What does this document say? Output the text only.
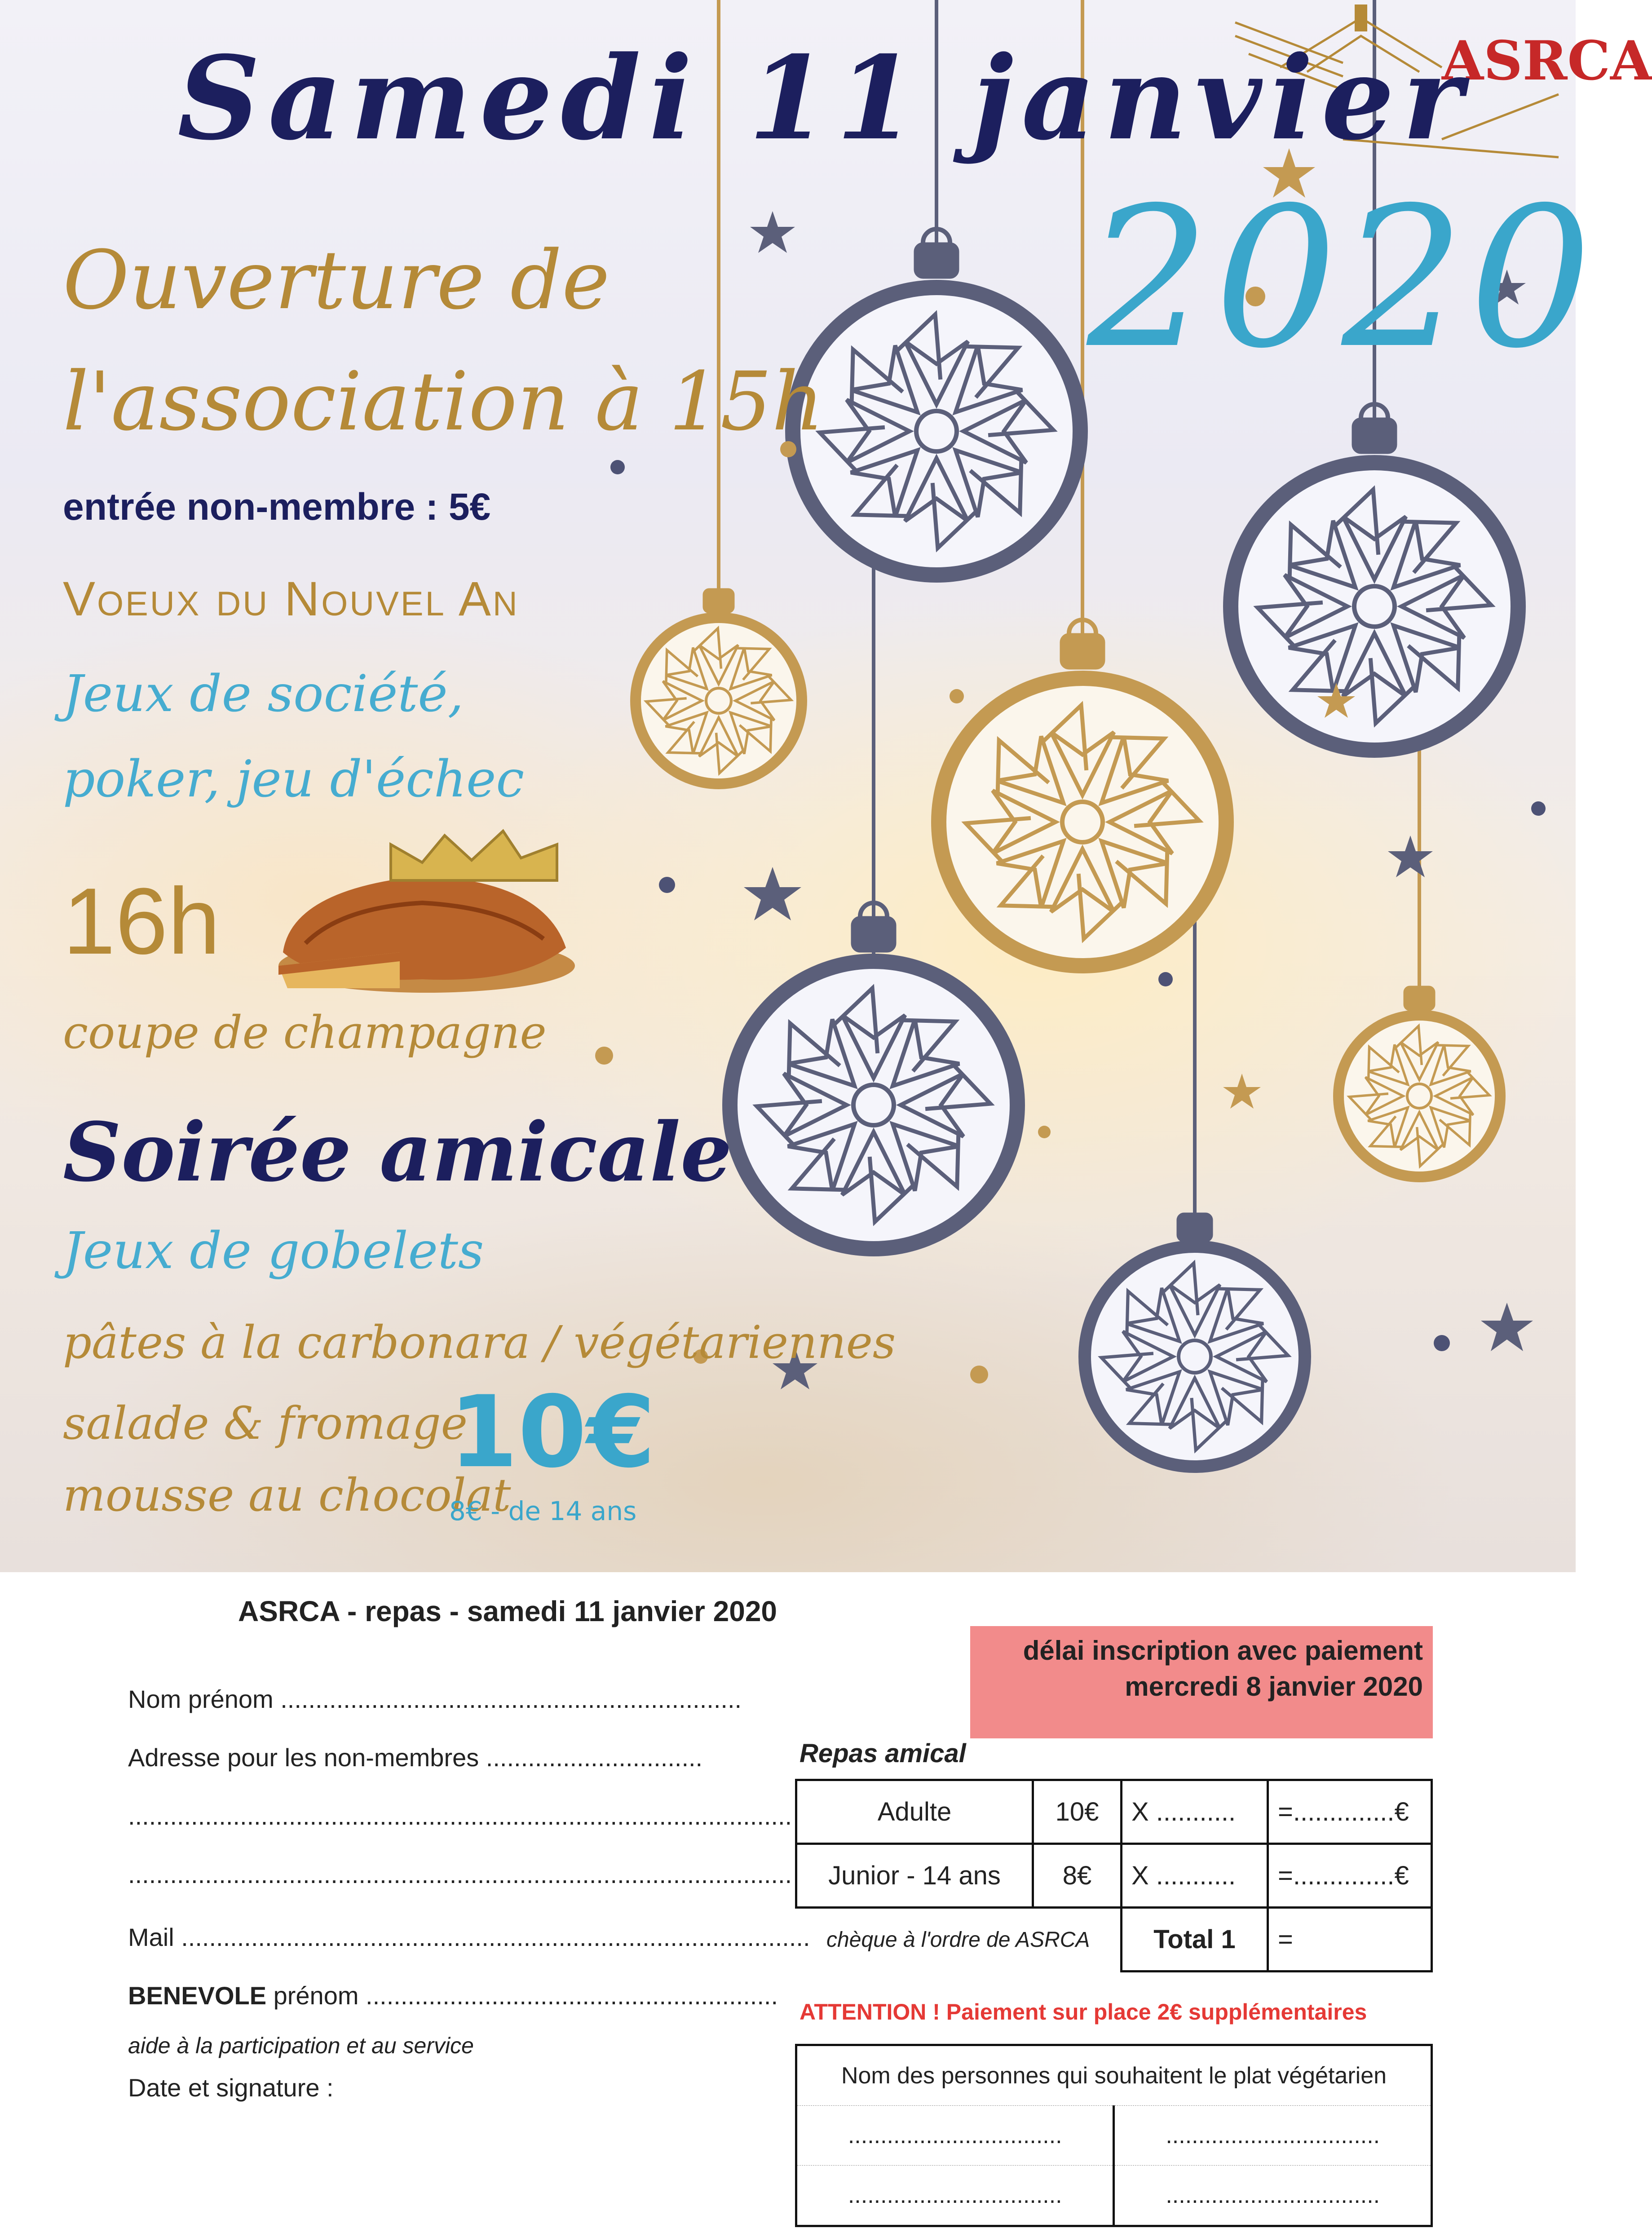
ASRCA

Samedi 11 janvier

2020

Ouverture de

l'association à 15h

entrée non-membre : 5€

Voeux du Nouvel An

Jeux de société,

poker, jeu d'échec

16h

coupe de champagne

Soirée amicale

Jeux de gobelets

pâtes à la carbonara / végétariennes

salade & fromage

mousse au chocolat

10€

8€ - de 14 ans

ASRCA - repas - samedi 11 janvier 2020

délai inscription avec paiement
mercredi 8 janvier 2020

Nom prénom ..................................................................

Adresse pour les non-membres ...............................

...............................................................................................

...............................................................................................

Mail ..........................................................................................

BENEVOLE prénom ...........................................................

aide à la participation et au service

Date et signature :

Repas amical

Adulte	10€	X ...........	=..............€
Junior - 14 ans	8€	X ...........	=..............€
chèque à l'ordre de ASRCA		Total 1	=

ATTENTION ! Paiement sur place 2€ supplémentaires

Nom des personnes qui souhaitent le plat végétarien	
.................................	.................................
.................................	.................................
